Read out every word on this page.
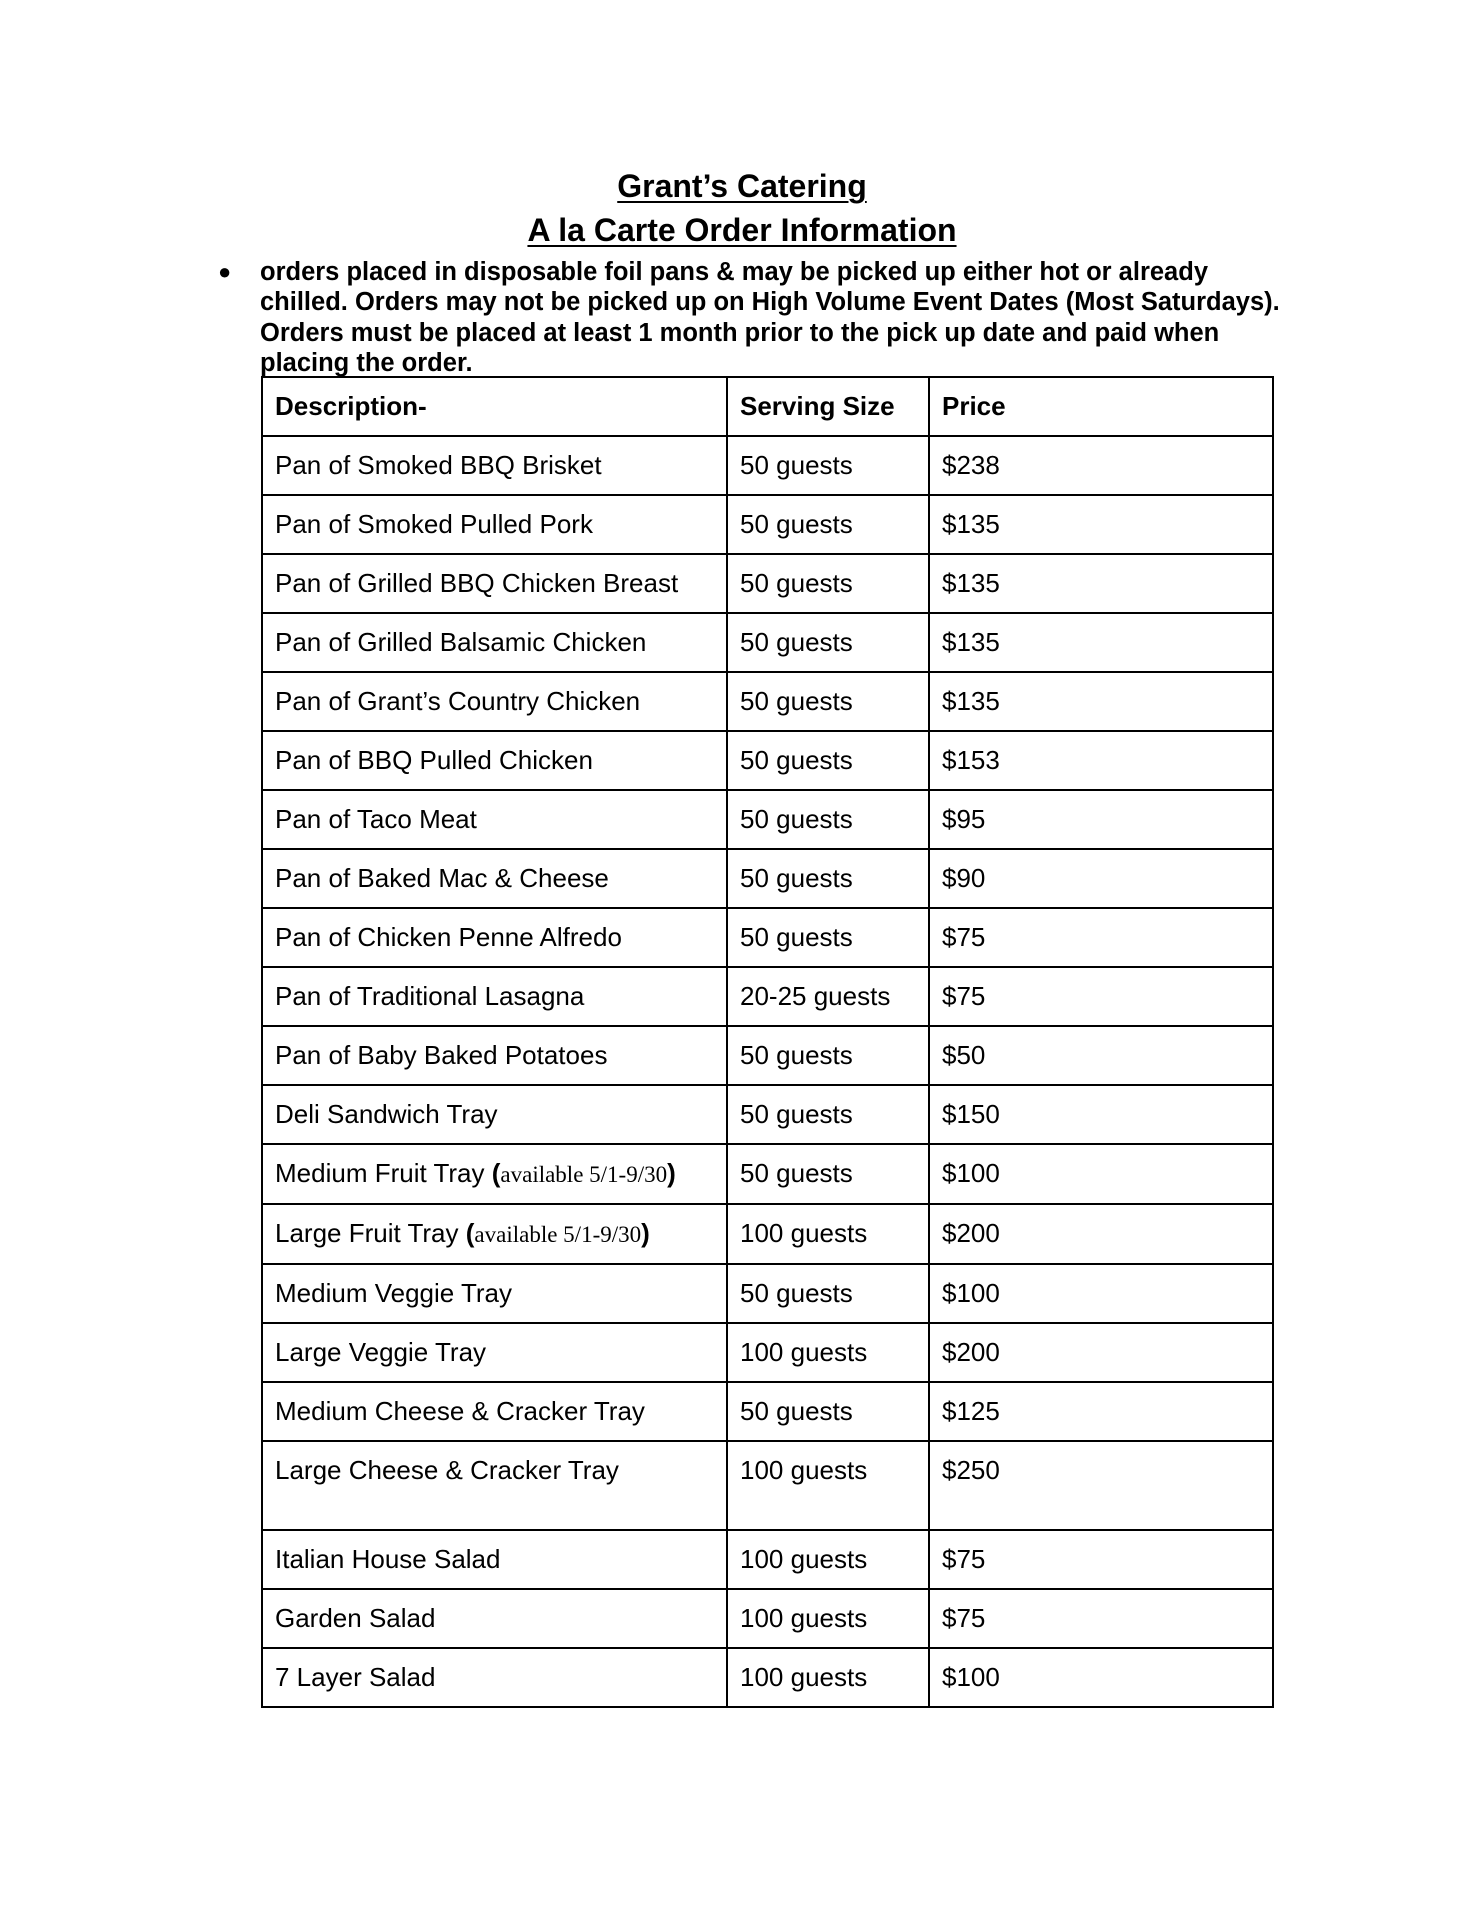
Grant’s Catering
A la Carte Order Information
● orders placed in disposable foil pans & may be picked up either hot or already chilled. Orders may not be picked up on High Volume Event Dates (Most Saturdays). Orders must be placed at least 1 month prior to the pick up date and paid when placing the order.
Description-	Serving Size	Price
Pan of Smoked BBQ Brisket	50 guests	$238
Pan of Smoked Pulled Pork	50 guests	$135
Pan of Grilled BBQ Chicken Breast	50 guests	$135
Pan of Grilled Balsamic Chicken	50 guests	$135
Pan of Grant’s Country Chicken	50 guests	$135
Pan of BBQ Pulled Chicken	50 guests	$153
Pan of Taco Meat	50 guests	$95
Pan of Baked Mac & Cheese	50 guests	$90
Pan of Chicken Penne Alfredo	50 guests	$75
Pan of Traditional Lasagna	20-25 guests	$75
Pan of Baby Baked Potatoes	50 guests	$50
Deli Sandwich Tray	50 guests	$150
Medium Fruit Tray (available 5/1-9/30)	50 guests	$100
Large Fruit Tray (available 5/1-9/30)	100 guests	$200
Medium Veggie Tray	50 guests	$100
Large Veggie Tray	100 guests	$200
Medium Cheese & Cracker Tray	50 guests	$125
Large Cheese & Cracker Tray	100 guests	$250
Italian House Salad	100 guests	$75
Garden Salad	100 guests	$75
7 Layer Salad	100 guests	$100
